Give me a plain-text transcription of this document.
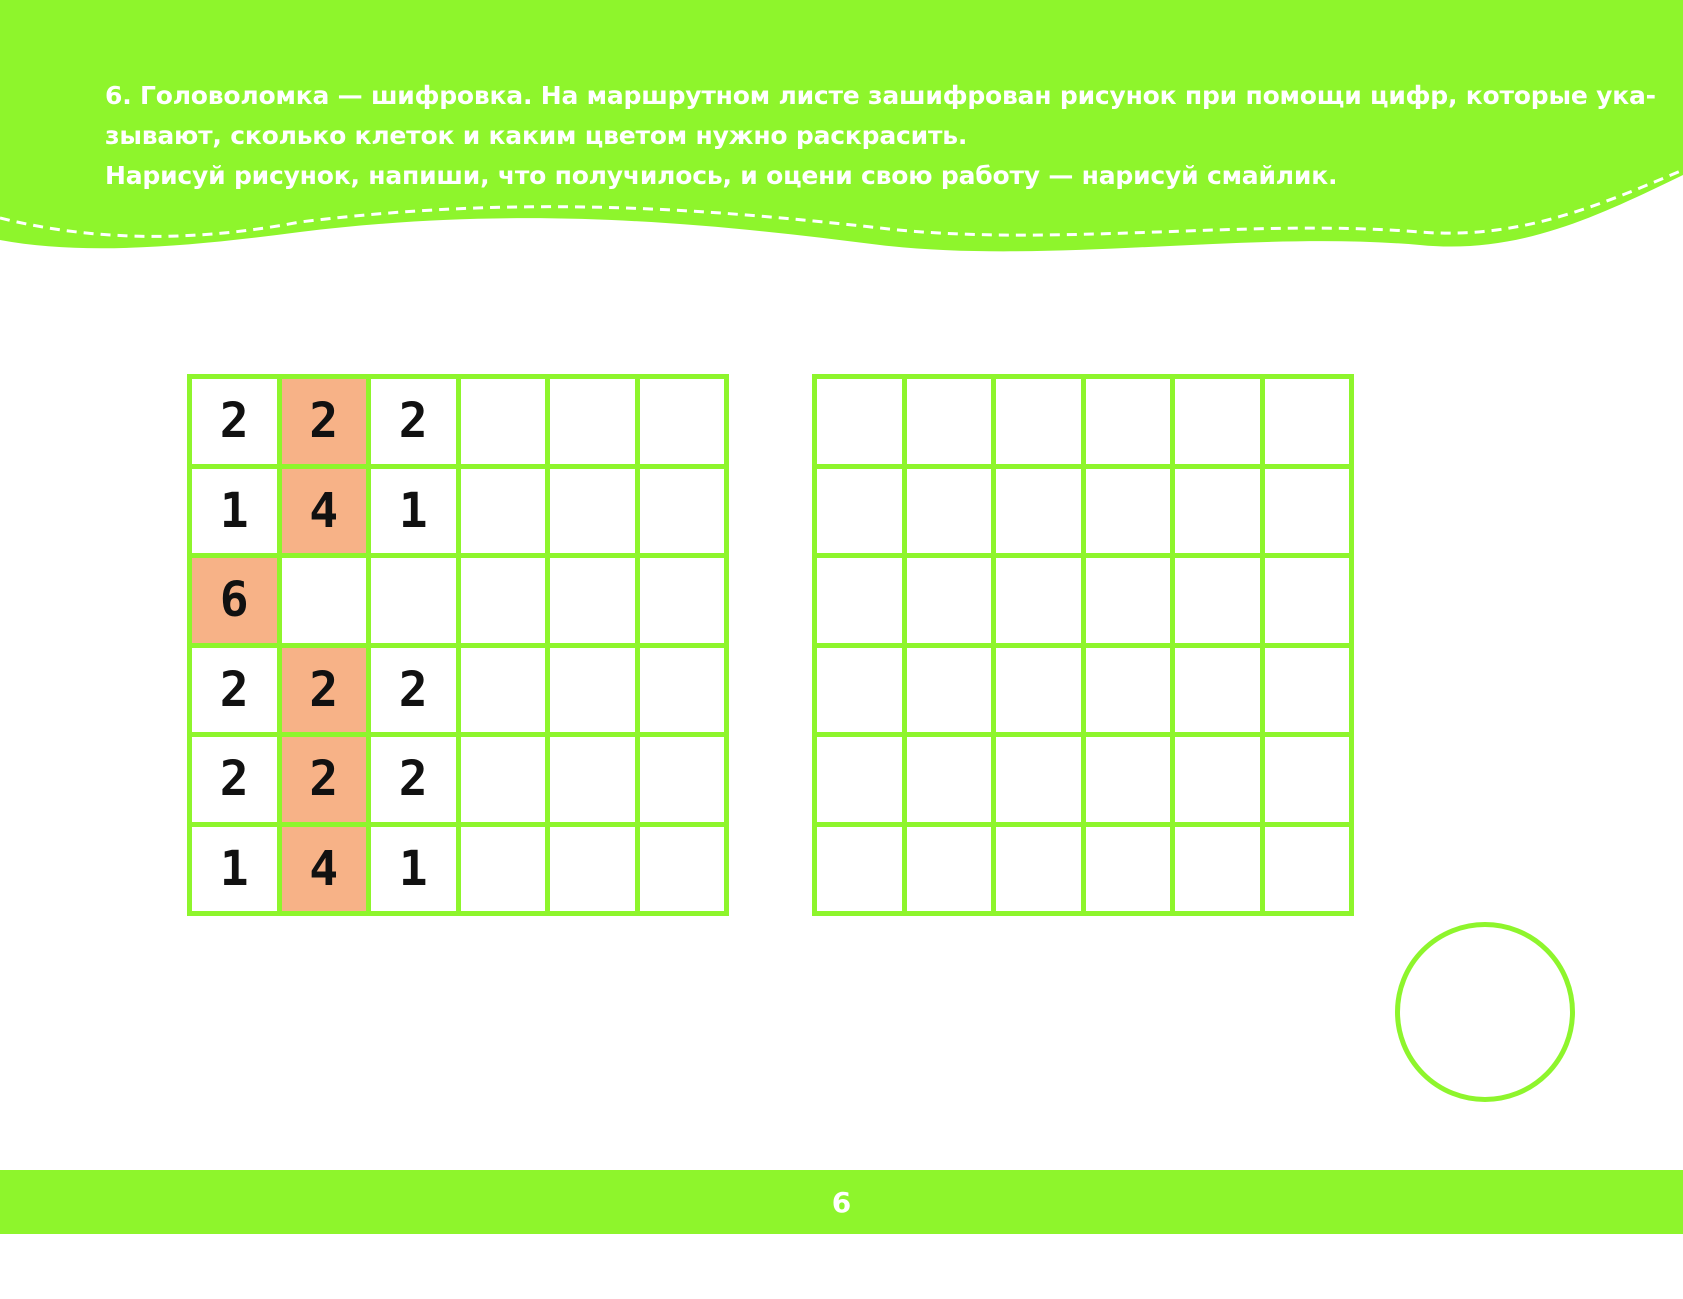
6. Головоломка — шифровка. На маршрутном листе зашифрован рисунок при помощи цифр, которые ука-

зывают, сколько клеток и каким цветом нужно раскрасить.

Нарисуй рисунок, напиши, что получилось, и оцени свою работу — нарисуй смайлик.

2	2	2
1	4	1
6
2	2	2
2	2	2
1	4	1
6
